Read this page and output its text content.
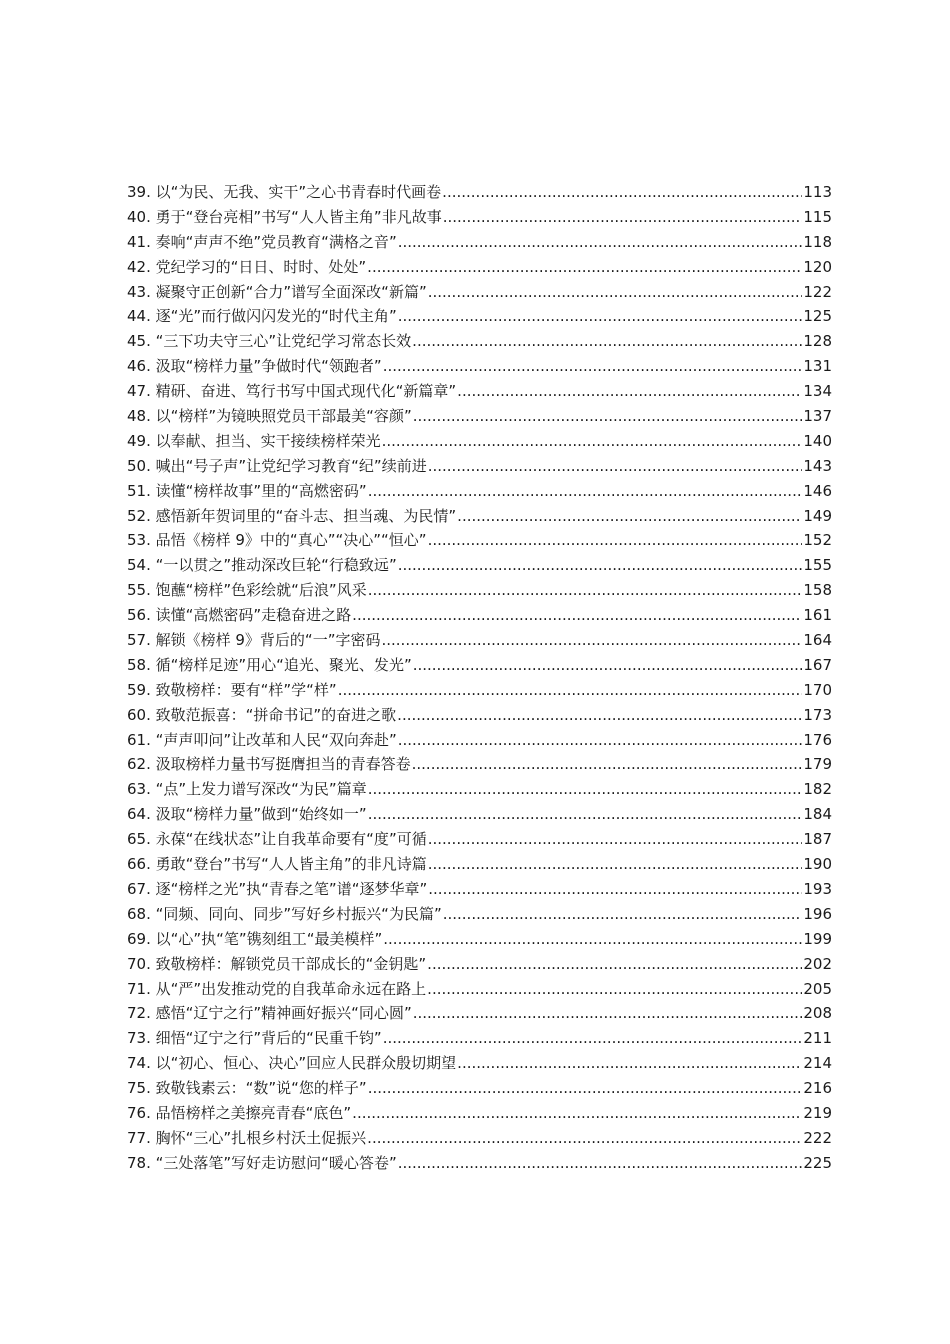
39. 以“为民、无我、实干”之心书青春时代画卷 .....	113
40. 勇于“登台亮相”书写“人人皆主角”非凡故事 .....	115
41. 奏响“声声不绝”党员教育“满格之音” .....	118
42. 党纪学习的“日日、时时、处处” .....	120
43. 凝聚守正创新“合力”谱写全面深改“新篇” .....	122
44. 逐“光”而行做闪闪发光的“时代主角” .....	125
45. “三下功夫守三心”让党纪学习常态长效 .....	128
46. 汲取“榜样力量”争做时代“领跑者” .....	131
47. 精研、奋进、笃行书写中国式现代化“新篇章” .....	134
48. 以“榜样”为镜映照党员干部最美“容颜” .....	137
49. 以奉献、担当、实干接续榜样荣光 .....	140
50. 喊出“号子声”让党纪学习教育“纪”续前进 .....	143
51. 读懂“榜样故事”里的“高燃密码” .....	146
52. 感悟新年贺词里的“奋斗志、担当魂、为民情” .....	149
53. 品悟《榜样 9》中的“真心”“决心”“恒心” .....	152
54. “一以贯之”推动深改巨轮“行稳致远” .....	155
55. 饱蘸“榜样”色彩绘就“后浪”风采 .....	158
56. 读懂“高燃密码”走稳奋进之路 .....	161
57. 解锁《榜样 9》背后的“一”字密码 .....	164
58. 循“榜样足迹”用心“追光、聚光、发光” .....	167
59. 致敬榜样：要有“样”学“样” .....	170
60. 致敬范振喜：“拼命书记”的奋进之歌 .....	173
61. “声声叩问”让改革和人民“双向奔赴” .....	176
62. 汲取榜样力量书写挺膺担当的青春答卷 .....	179
63. “点”上发力谱写深改“为民”篇章 .....	182
64. 汲取“榜样力量”做到“始终如一” .....	184
65. 永葆“在线状态”让自我革命要有“度”可循 .....	187
66. 勇敢“登台”书写“人人皆主角”的非凡诗篇 .....	190
67. 逐“榜样之光”执“青春之笔”谱“逐梦华章” .....	193
68. “同频、同向、同步”写好乡村振兴“为民篇” .....	196
69. 以“心”执“笔”镌刻组工“最美模样” .....	199
70. 致敬榜样：解锁党员干部成长的“金钥匙” .....	202
71. 从“严”出发推动党的自我革命永远在路上 .....	205
72. 感悟“辽宁之行”精神画好振兴“同心圆” .....	208
73. 细悟“辽宁之行”背后的“民重千钧” .....	211
74. 以“初心、恒心、决心”回应人民群众殷切期望 .....	214
75. 致敬钱素云：“数”说“您的样子” .....	216
76. 品悟榜样之美擦亮青春“底色” .....	219
77. 胸怀“三心”扎根乡村沃土促振兴 .....	222
78. “三处落笔”写好走访慰问“暖心答卷” .....	225
